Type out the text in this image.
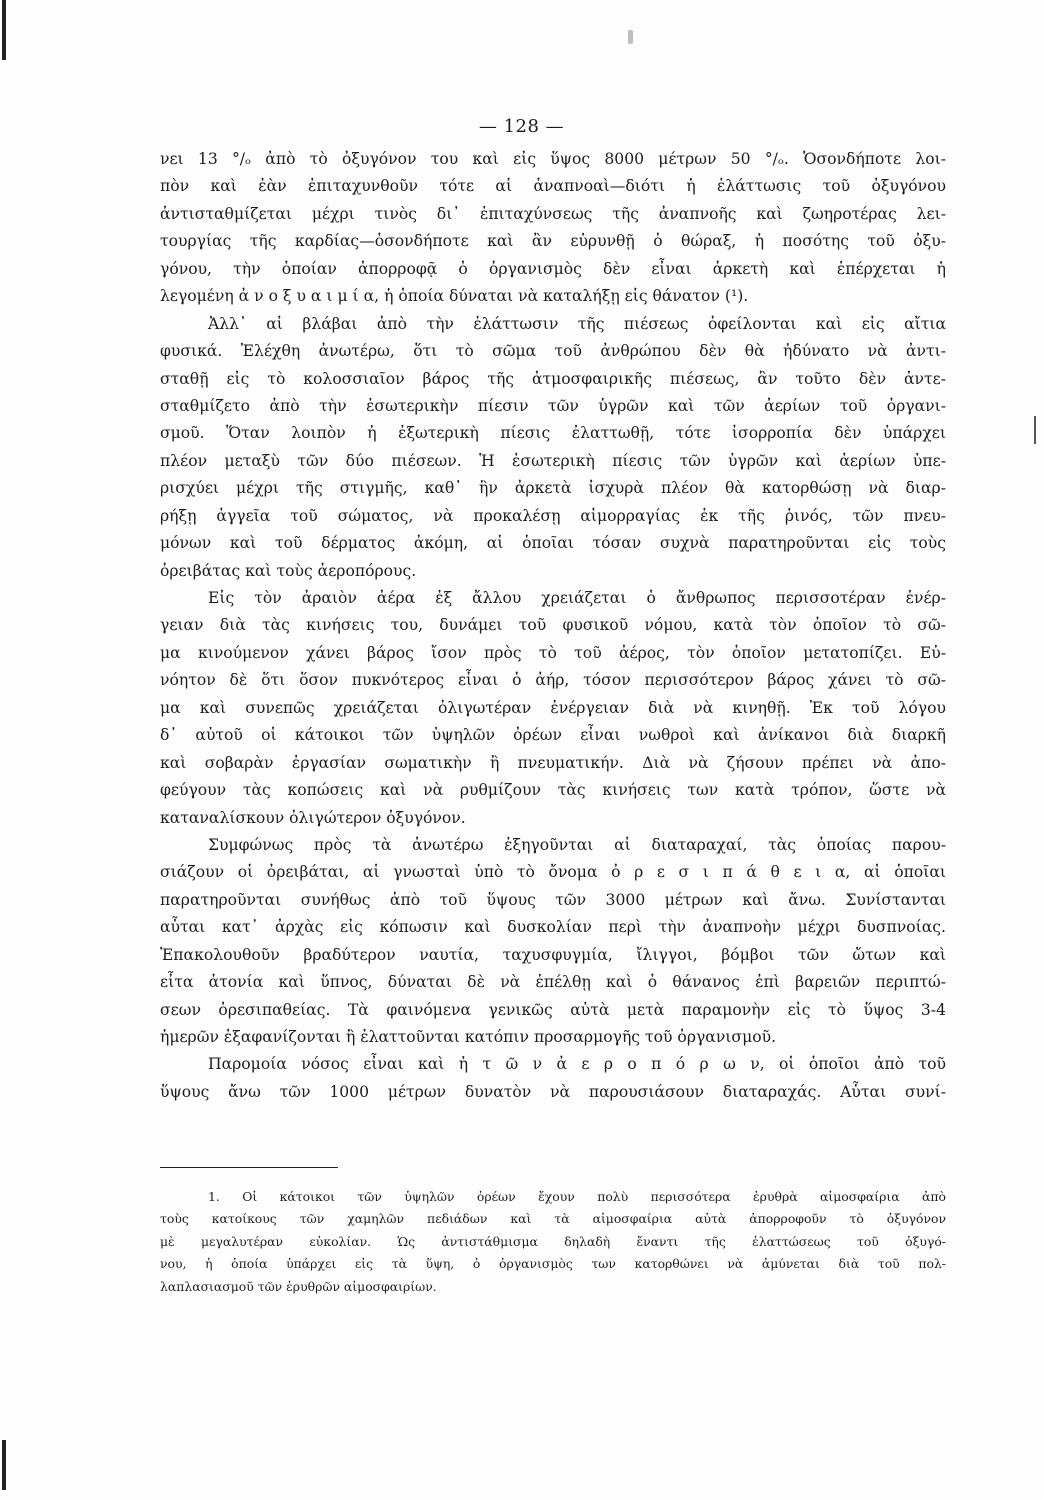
— 128 —
νει 13 °/ₒ ἀπὸ τὸ ὀξυγόνον του καὶ εἰς ὕψος 8000 μέτρων 50 °/ₒ. Ὁσονδήποτε λοι-
πὸν καὶ ἐὰν ἐπιταχυνθοῦν τότε αἱ ἀναπνοαὶ—διότι ἡ ἐλάττωσις τοῦ ὀξυγόνου
ἀντισταθμίζεται μέχρι τινὸς δι᾽ ἐπιταχύνσεως τῆς ἀναπνοῆς καὶ ζωηροτέρας λει-
τουργίας τῆς καρδίας—ὁσονδήποτε καὶ ἂν εὐρυνθῇ ὁ θώραξ, ἡ ποσότης τοῦ ὀξυ-
γόνου, τὴν ὁποίαν ἀπορροφᾷ ὁ ὀργανισμὸς δὲν εἶναι ἀρκετὴ καὶ ἐπέρχεται ἡ
λεγομένη ἀ ν ο ξ υ α ι μ ί α, ἡ ὁποία δύναται νὰ καταλήξῃ εἰς θάνατον (¹).
Ἀλλ᾽ αἱ βλάβαι ἀπὸ τὴν ἐλάττωσιν τῆς πιέσεως ὀφείλονται καὶ εἰς αἴτια
φυσικά. Ἐλέχθη ἀνωτέρω, ὅτι τὸ σῶμα τοῦ ἀνθρώπου δὲν θὰ ἠδύνατο νὰ ἀντι-
σταθῇ εἰς τὸ κολοσσιαῖον βάρος τῆς ἀτμοσφαιρικῆς πιέσεως, ἂν τοῦτο δὲν ἀντε-
σταθμίζετο ἀπὸ τὴν ἐσωτερικὴν πίεσιν τῶν ὑγρῶν καὶ τῶν ἀερίων τοῦ ὀργανι-
σμοῦ. Ὅταν λοιπὸν ἡ ἐξωτερικὴ πίεσις ἐλαττωθῇ, τότε ἰσορροπία δὲν ὑπάρχει
πλέον μεταξὺ τῶν δύο πιέσεων. Ἡ ἐσωτερικὴ πίεσις τῶν ὑγρῶν καὶ ἀερίων ὑπε-
ρισχύει μέχρι τῆς στιγμῆς, καθ᾽ ἣν ἀρκετὰ ἰσχυρὰ πλέον θὰ κατορθώσῃ νὰ διαρ-
ρήξῃ ἀγγεῖα τοῦ σώματος, νὰ προκαλέσῃ αἱμορραγίας ἐκ τῆς ῥινός, τῶν πνευ-
μόνων καὶ τοῦ δέρματος ἀκόμη, αἱ ὁποῖαι τόσαν συχνὰ παρατηροῦνται εἰς τοὺς
ὀρειβάτας καὶ τοὺς ἀεροπόρους.
Εἰς τὸν ἀραιὸν ἀέρα ἐξ ἄλλου χρειάζεται ὁ ἄνθρωπος περισσοτέραν ἐνέρ-
γειαν διὰ τὰς κινήσεις του, δυνάμει τοῦ φυσικοῦ νόμου, κατὰ τὸν ὁποῖον τὸ σῶ-
μα κινούμενον χάνει βάρος ἴσον πρὸς τὸ τοῦ ἀέρος, τὸν ὁποῖον μετατοπίζει. Εὐ-
νόητον δὲ ὅτι ὅσον πυκνότερος εἶναι ὁ ἀήρ, τόσον περισσότερον βάρος χάνει τὸ σῶ-
μα καὶ συνεπῶς χρειάζεται ὀλιγωτέραν ἐνέργειαν διὰ νὰ κινηθῇ. Ἐκ τοῦ λόγου
δ᾽ αὐτοῦ οἱ κάτοικοι τῶν ὑψηλῶν ὀρέων εἶναι νωθροὶ καὶ ἀνίκανοι διὰ διαρκῆ
καὶ σοβαρὰν ἐργασίαν σωματικὴν ἢ πνευματικήν. Διὰ νὰ ζήσουν πρέπει νὰ ἀπο-
φεύγουν τὰς κοπώσεις καὶ νὰ ρυθμίζουν τὰς κινήσεις των κατὰ τρόπον, ὥστε νὰ
καταναλίσκουν ὀλιγώτερον ὀξυγόνον.
Συμφώνως πρὸς τὰ ἀνωτέρω ἐξηγοῦνται αἱ διαταραχαί, τὰς ὁποίας παρου-
σιάζουν οἱ ὀρειβάται, αἱ γνωσταὶ ὑπὸ τὸ ὄνομα ὀ ρ ε σ ι π ά θ ε ι α, αἱ ὁποῖαι
παρατηροῦνται συνήθως ἀπὸ τοῦ ὕψους τῶν 3000 μέτρων καὶ ἄνω. Συνίστανται
αὗται κατ᾽ ἀρχὰς εἰς κόπωσιν καὶ δυσκολίαν περὶ τὴν ἀναπνοὴν μέχρι δυσπνοίας.
Ἐπακολουθοῦν βραδύτερον ναυτία, ταχυσφυγμία, ἴλιγγοι, βόμβοι τῶν ὤτων καὶ
εἶτα ἀτονία καὶ ὕπνος, δύναται δὲ νὰ ἐπέλθῃ καὶ ὁ θάνανος ἐπὶ βαρειῶν περιπτώ-
σεων ὀρεσιπαθείας. Τὰ φαινόμενα γενικῶς αὐτὰ μετὰ παραμονὴν εἰς τὸ ὕψος 3-4
ἡμερῶν ἐξαφανίζονται ἢ ἐλαττοῦνται κατόπιν προσαρμογῆς τοῦ ὀργανισμοῦ.
Παρομοία νόσος εἶναι καὶ ἡ τ ῶ ν ἀ ε ρ ο π ό ρ ω ν, οἱ ὁποῖοι ἀπὸ τοῦ
ὕψους ἄνω τῶν 1000 μέτρων δυνατὸν νὰ παρουσιάσουν διαταραχάς. Αὗται συνί-
1. Οἱ κάτοικοι τῶν ὑψηλῶν ὀρέων ἔχουν πολὺ περισσότερα ἐρυθρὰ αἱμοσφαίρια ἀπὸ
τοὺς κατοίκους τῶν χαμηλῶν πεδιάδων καὶ τὰ αἱμοσφαίρια αὐτὰ ἀπορροφοῦν τὸ ὀξυγόνον
μὲ μεγαλυτέραν εὐκολίαν. Ὡς ἀντιστάθμισμα δηλαδὴ ἔναντι τῆς ἐλαττώσεως τοῦ ὀξυγό-
νου, ἡ ὁποία ὑπάρχει εἰς τὰ ὕψη, ὁ ὀργανισμὸς των κατορθώνει νὰ ἀμύνεται διὰ τοῦ πολ-
λαπλασιασμοῦ τῶν ἐρυθρῶν αἱμοσφαιρίων.
